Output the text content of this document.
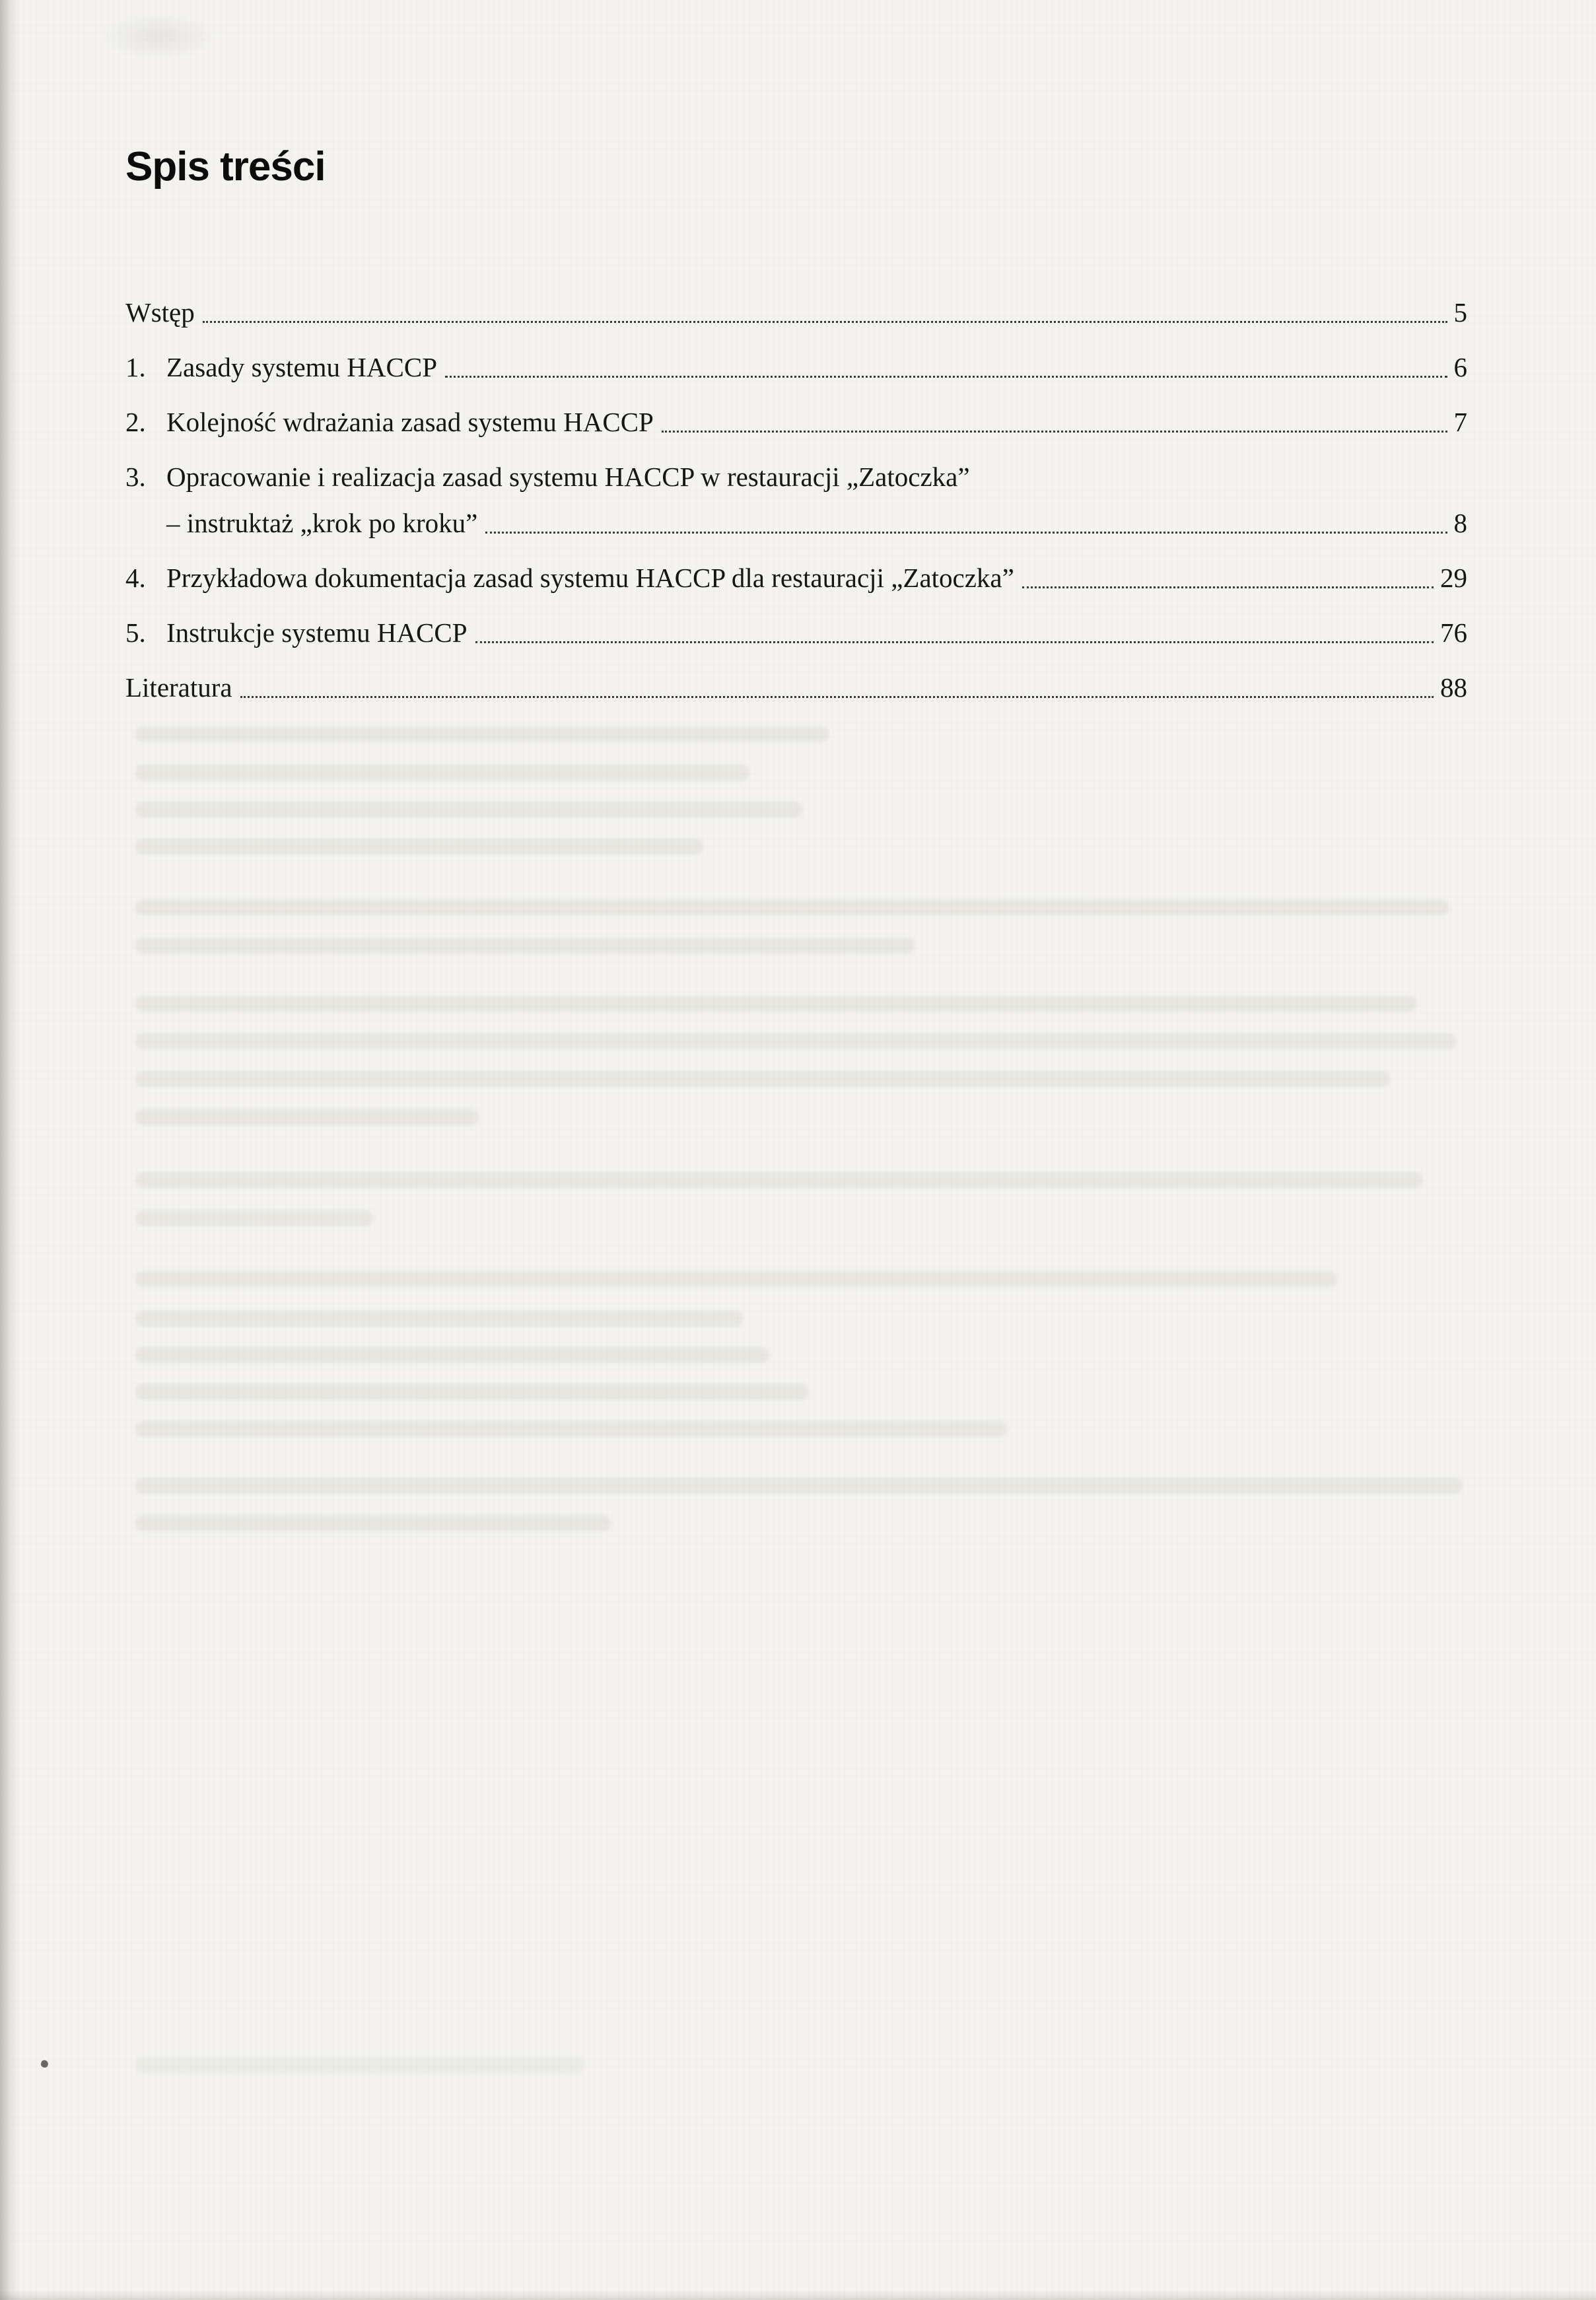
Spis treści
Wstęp	5
1. Zasady systemu HACCP	6
2. Kolejność wdrażania zasad systemu HACCP	7
3. Opracowanie i realizacja zasad systemu HACCP w restauracji „Zatoczka”
– instruktaż „krok po kroku”	8
4. Przykładowa dokumentacja zasad systemu HACCP dla restauracji „Zatoczka”	29
5. Instrukcje systemu HACCP	76
Literatura	88
